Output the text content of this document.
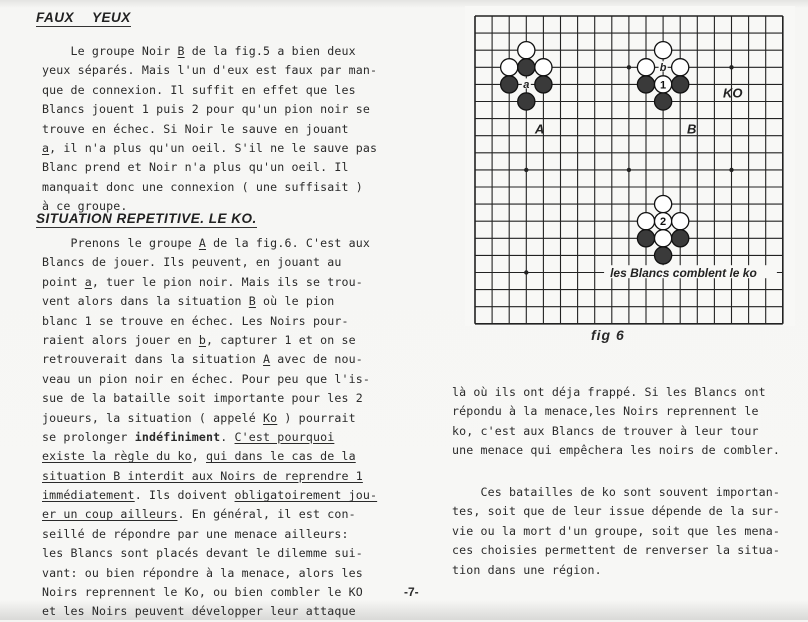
FAUX YEUX
Le groupe Noir B de la fig.5 a bien deux
yeux séparés. Mais l'un d'eux est faux par man-
que de connexion. Il suffit en effet que les
Blancs jouent 1 puis 2 pour qu'un pion noir se
trouve en échec. Si Noir le sauve en jouant
a, il n'a plus qu'un oeil. S'il ne le sauve pas
Blanc prend et Noir n'a plus qu'un oeil. Il
manquait donc une connexion ( une suffisait )
à ce groupe.
SITUATION REPETITIVE. LE KO.
Prenons le groupe A de la fig.6. C'est aux
Blancs de jouer. Ils peuvent, en jouant au
point a, tuer le pion noir. Mais ils se trou-
vent alors dans la situation B où le pion
blanc 1 se trouve en échec. Les Noirs pour-
raient alors jouer en b, capturer 1 et on se
retrouverait dans la situation A avec de nou-
veau un pion noir en échec. Pour peu que l'is-
sue de la bataille soit importante pour les 2
joueurs, la situation ( appelé Ko ) pourrait
se prolonger indéfiniment. C'est pourquoi
existe la règle du ko, qui dans le cas de la
situation B interdit aux Noirs de reprendre 1
immédiatement. Ils doivent obligatoirement jou-
er un coup ailleurs. En général, il est con-
seillé de répondre par une menace ailleurs:
les Blancs sont placés devant le dilemme sui-
vant: ou bien répondre à la menace, alors les
Noirs reprennent le Ko, ou bien combler le KO
et les Noirs peuvent développer leur attaque
a
b
1
2
A	B
KO
les Blancs comblent le ko
fig 6
là où ils ont déja frappé. Si les Blancs ont
répondu à la menace,les Noirs reprennent le
ko, c'est aux Blancs de trouver à leur tour
une menace qui empêchera les noirs de combler.
Ces batailles de ko sont souvent importan-
tes, soit que de leur issue dépende de la sur-
vie ou la mort d'un groupe, soit que les mena-
ces choisies permettent de renverser la situa-
tion dans une région.
-7-
